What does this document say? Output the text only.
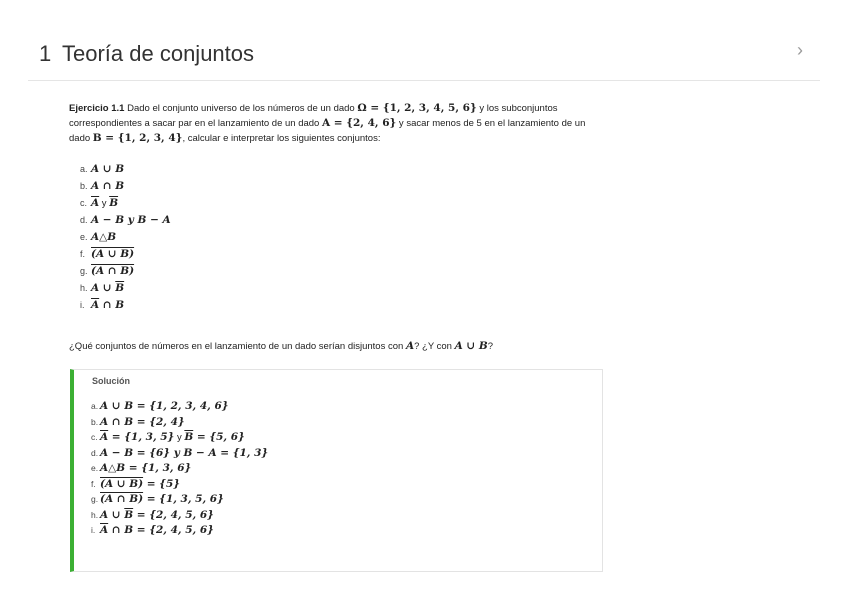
1 Teoría de conjuntos	›
Ejercicio 1.1 Dado el conjunto universo de los números de un dado Ω = {1, 2, 3, 4, 5, 6} y los subconjuntos correspondientes a sacar par en el lanzamiento de un dado A = {2, 4, 6} y sacar menos de 5 en el lanzamiento de un dado B = {1, 2, 3, 4}, calcular e interpretar los siguientes conjuntos:
a. A ∪ B
b. A ∩ B
c. $\overline{A}$ y $\overline{B}$
d. A − B y B − A
e. A△B
f. (A ∪ B)
g. (A ∩ B)
h. A ∪ $\overline{B}$
i. $\overline{A}$ ∩ B
¿Qué conjuntos de números en el lanzamiento de un dado serían disjuntos con A? ¿Y con A ∪ B?
Solución
a. A ∪ B = {1, 2, 3, 4, 6}
b. A ∩ B = {2, 4}
c. $\overline{A} = \{1$, 3, 5} y $\overline{B} = \{5$, 6}
d. A − B = {6} y B − A = {1, 3}
e. A△B = {1, 3, 6}
f. (A ∪ B) = {5}
g. (A ∩ B) = {1, 3, 5, 6}
h. A ∪ $\overline{B} = \{2$, 4, 5, 6}
i. $\overline{A}$ ∩ B = {2, 4, 5, 6}
